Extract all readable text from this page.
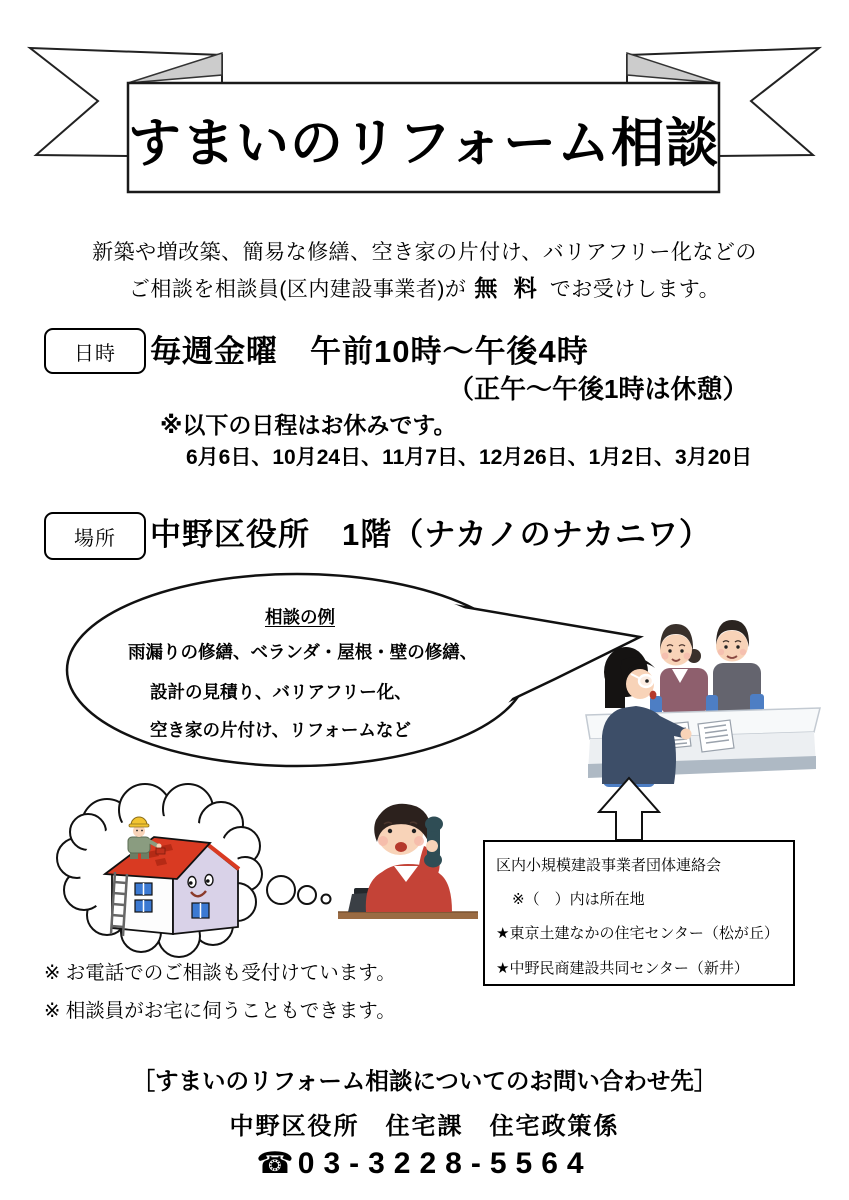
すまいのリフォーム相談
新築や増改築、簡易な修繕、空き家の片付け、バリアフリー化などの
ご相談を相談員(区内建設事業者)が 無 料 でお受けします。
日時	毎週金曜　午前10時～午後4時
（正午～午後1時は休憩）
※以下の日程はお休みです。
6月6日、10月24日、11月7日、12月26日、1月2日、3月20日
場所	中野区役所　1階（ナカノのナカニワ）
相談の例
雨漏りの修繕、ベランダ・屋根・壁の修繕、
設計の見積り、バリアフリー化、
空き家の片付け、リフォームなど
区内小規模建設事業者団体連絡会
※（　）内は所在地
★東京土建なかの住宅センター（松が丘）
★中野民商建設共同センター（新井）
※ お電話でのご相談も受付けています。
※ 相談員がお宅に伺うこともできます。
［すまいのリフォーム相談についてのお問い合わせ先］
中野区役所　住宅課　住宅政策係
☎ 03-3228-5564
